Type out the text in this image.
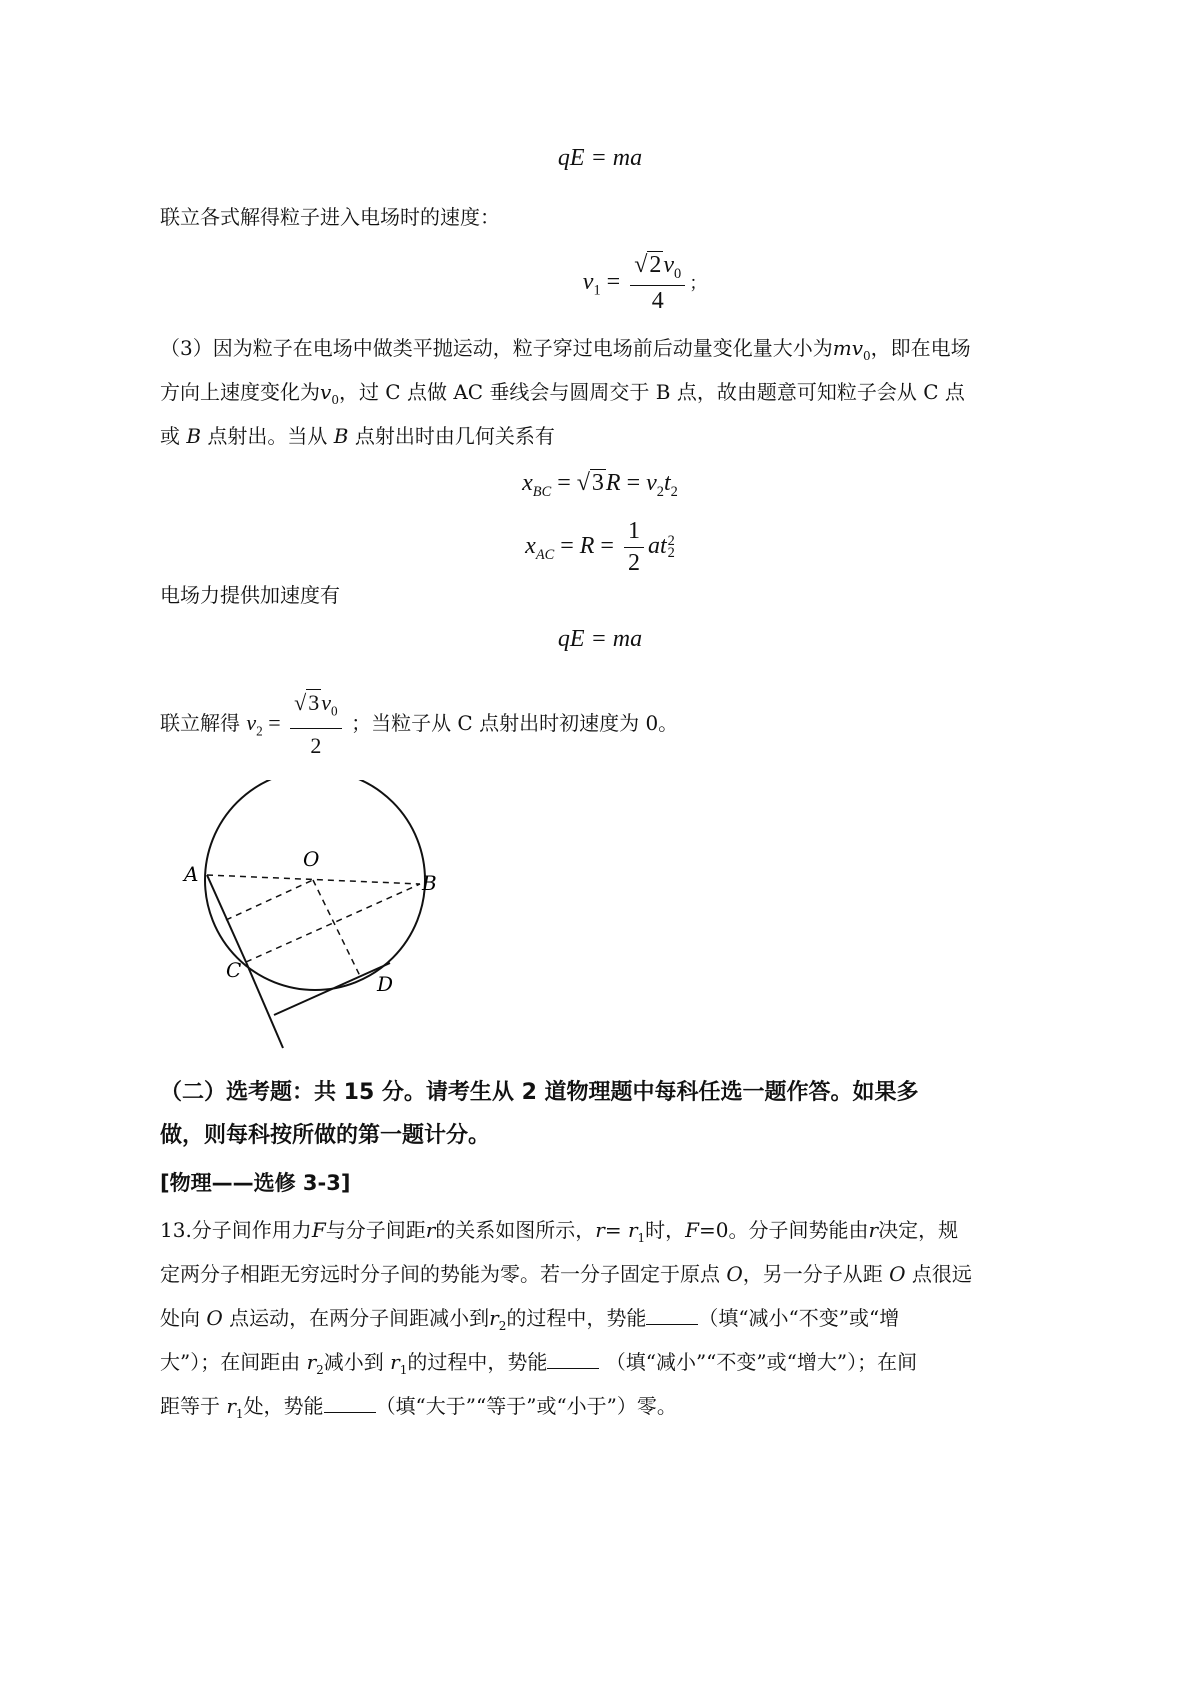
qE = ma
联立各式解得粒子进入电场时的速度：
$v_1 = \frac{√2v_0}{4}$ ；
（3）因为粒子在电场中做类平抛运动，粒子穿过电场前后动量变化量大小为$mv_0$，即在电场
方向上速度变化为$v_0$，过 C 点做 AC 垂线会与圆周交于 B 点，故由题意可知粒子会从 C 点
或 B 点射出。当从 B 点射出时由几何关系有
$x_{BC} = √3R = v_2t_2$
$x_{AC} = R = \frac{1}{2}$ at 2
2
电场力提供加速度有
qE = ma
联立解得 $v_2 = \frac{√3v_0}{2}$ ；当粒子从 C 点射出时初速度为 0。
O
A	B
C
D
（二）选考题：共 15 分。请考生从 2 道物理题中每科任选一题作答。如果多
做，则每科按所做的第一题计分。
[物理——选修 3-3]
13.分子间作用力F与分子间距r的关系如图所示，$r= r_1$时，F=0。分子间势能由r决定，规
定两分子相距无穷远时分子间的势能为零。若一分子固定于原点 O，另一分子从距 O 点很远
处向 O 点运动，在两分子间距减小到$r_2$的过程中，势能	（填“减小“不变”或“增
大”）；在间距由 $r_2$减小到 $r_1$的过程中，势能	（填“减小”“不变”或“增大”）；在间
距等于 $r_1$处，势能	（填“大于”“等于”或“小于”）零。
